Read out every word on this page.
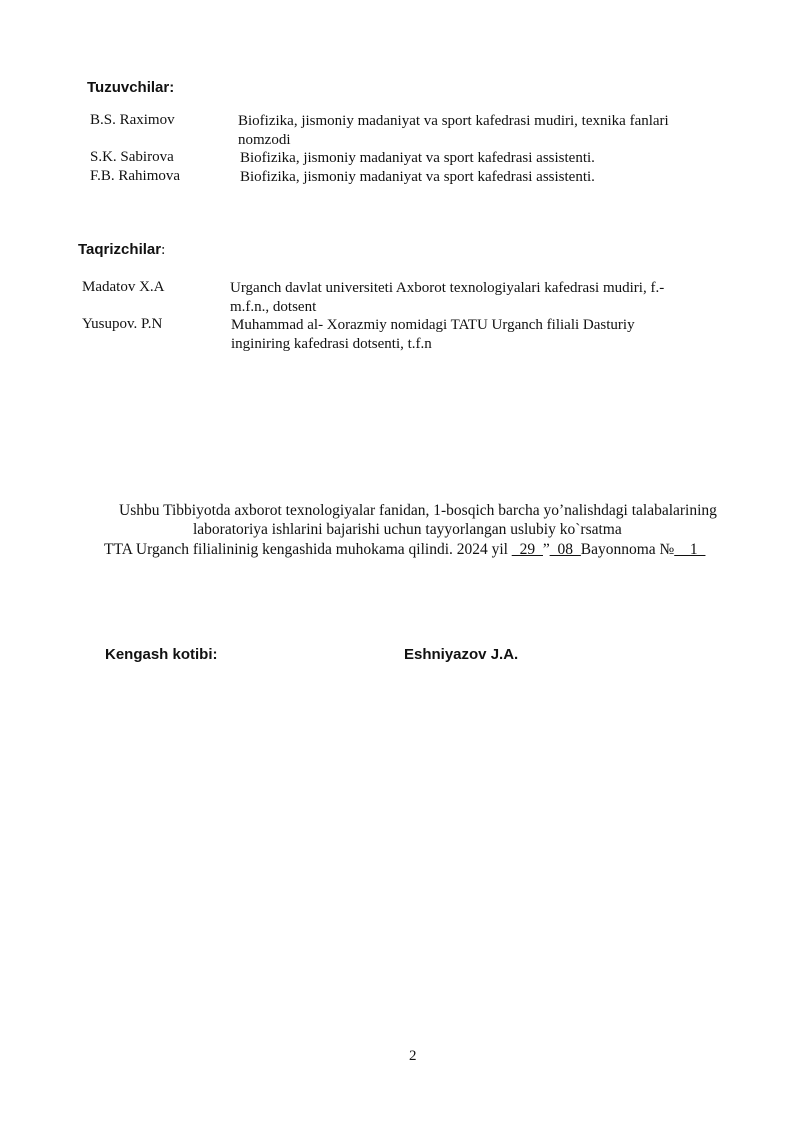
Tuzuvchilar:
B.S. Raximov	Biofizika, jismoniy madaniyat va sport kafedrasi mudiri, texnika fanlari nomzodi
S.K. Sabirova	Biofizika, jismoniy madaniyat va sport kafedrasi assistenti.
F.B. Rahimova	Biofizika, jismoniy madaniyat va sport kafedrasi assistenti.
Taqrizchilar:
Madatov X.A	Urganch davlat universiteti Axborot texnologiyalari kafedrasi mudiri, f.-m.f.n., dotsent
Yusupov. P.N	Muhammad al- Xorazmiy nomidagi TATU Urganch filiali Dasturiy inginiring kafedrasi dotsenti, t.f.n
Ushbu Tibbiyotda axborot texnologiyalar fanidan, 1-bosqich barcha yo’nalishdagi talabalarining
laboratoriya ishlarini bajarishi uchun tayyorlangan uslubiy ko`rsatma
TTA Urganch filialininig kengashida muhokama qilindi. 2024 yil _29_”_08_Bayonnoma №__1_
Kengash kotibi:	Eshniyazov J.A.
2
